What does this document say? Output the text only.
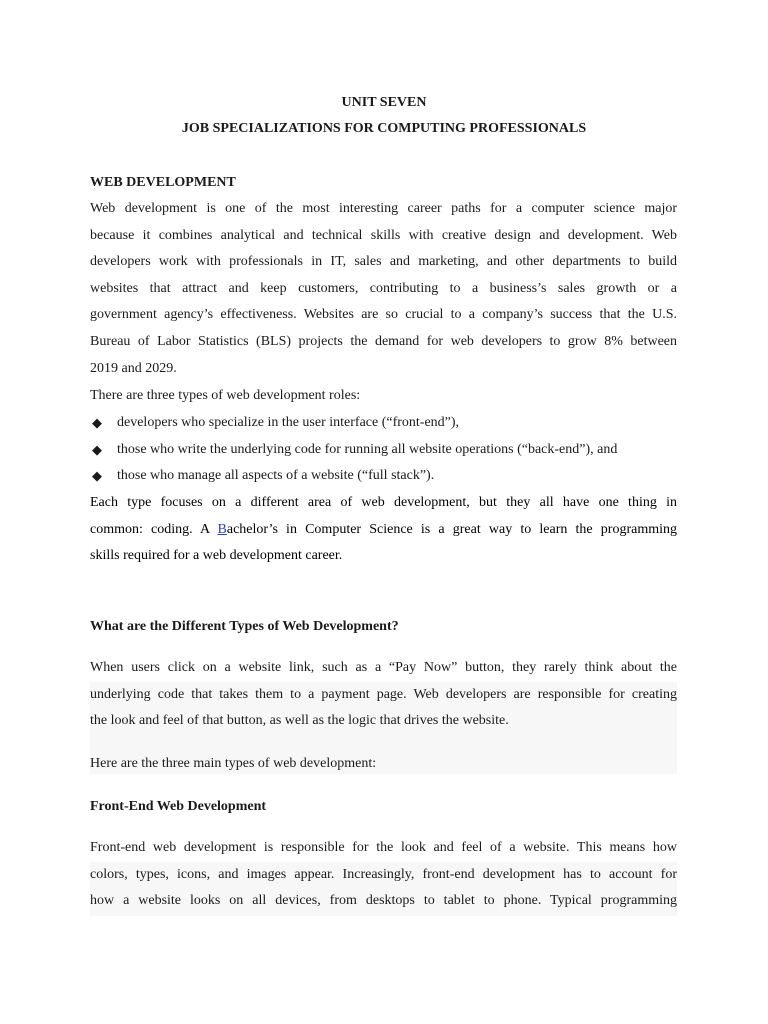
UNIT SEVEN
JOB SPECIALIZATIONS FOR COMPUTING PROFESSIONALS
WEB DEVELOPMENT
Web development is one of the most interesting career paths for a computer science major
because it combines analytical and technical skills with creative design and development. Web
developers work with professionals in IT, sales and marketing, and other departments to build
websites that attract and keep customers, contributing to a business’s sales growth or a
government agency’s effectiveness. Websites are so crucial to a company’s success that the U.S.
Bureau of Labor Statistics (BLS) projects the demand for web developers to grow 8% between
2019 and 2029.
There are three types of web development roles:
◆ developers who specialize in the user interface (“front-end”),
◆ those who write the underlying code for running all website operations (“back-end”), and
◆ those who manage all aspects of a website (“full stack”).
Each type focuses on a different area of web development, but they all have one thing in
common: coding. A Bachelor’s in Computer Science is a great way to learn the programming
skills required for a web development career.
What are the Different Types of Web Development?
When users click on a website link, such as a “Pay Now” button, they rarely think about the
underlying code that takes them to a payment page. Web developers are responsible for creating
the look and feel of that button, as well as the logic that drives the website.
Here are the three main types of web development:
Front-End Web Development
Front-end web development is responsible for the look and feel of a website. This means how
colors, types, icons, and images appear. Increasingly, front-end development has to account for
how a website looks on all devices, from desktops to tablet to phone. Typical programming
